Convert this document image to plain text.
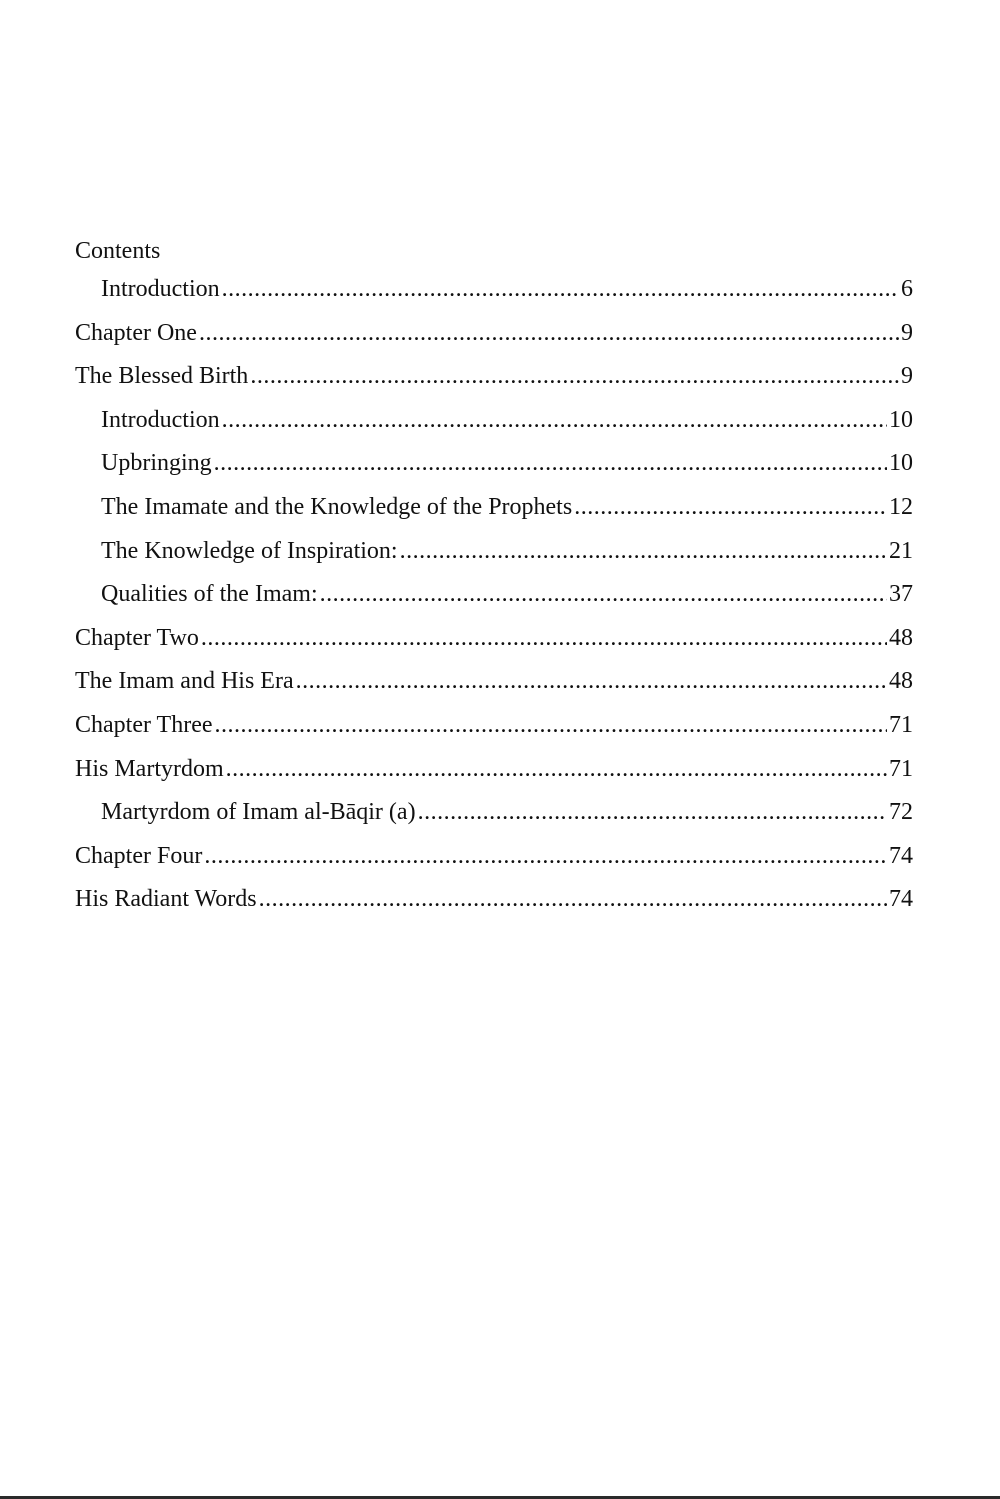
Contents
Introduction .....	6
Chapter One .....	9
The Blessed Birth .....	9
Introduction .....	10
Upbringing .....	10
The Imamate and the Knowledge of the Prophets .....	12
The Knowledge of Inspiration: .....	21
Qualities of the Imam: .....	37
Chapter Two .....	48
The Imam and His Era .....	48
Chapter Three .....	71
His Martyrdom .....	71
Martyrdom of Imam al-Bāqir (a) .....	72
Chapter Four .....	74
His Radiant Words .....	74
